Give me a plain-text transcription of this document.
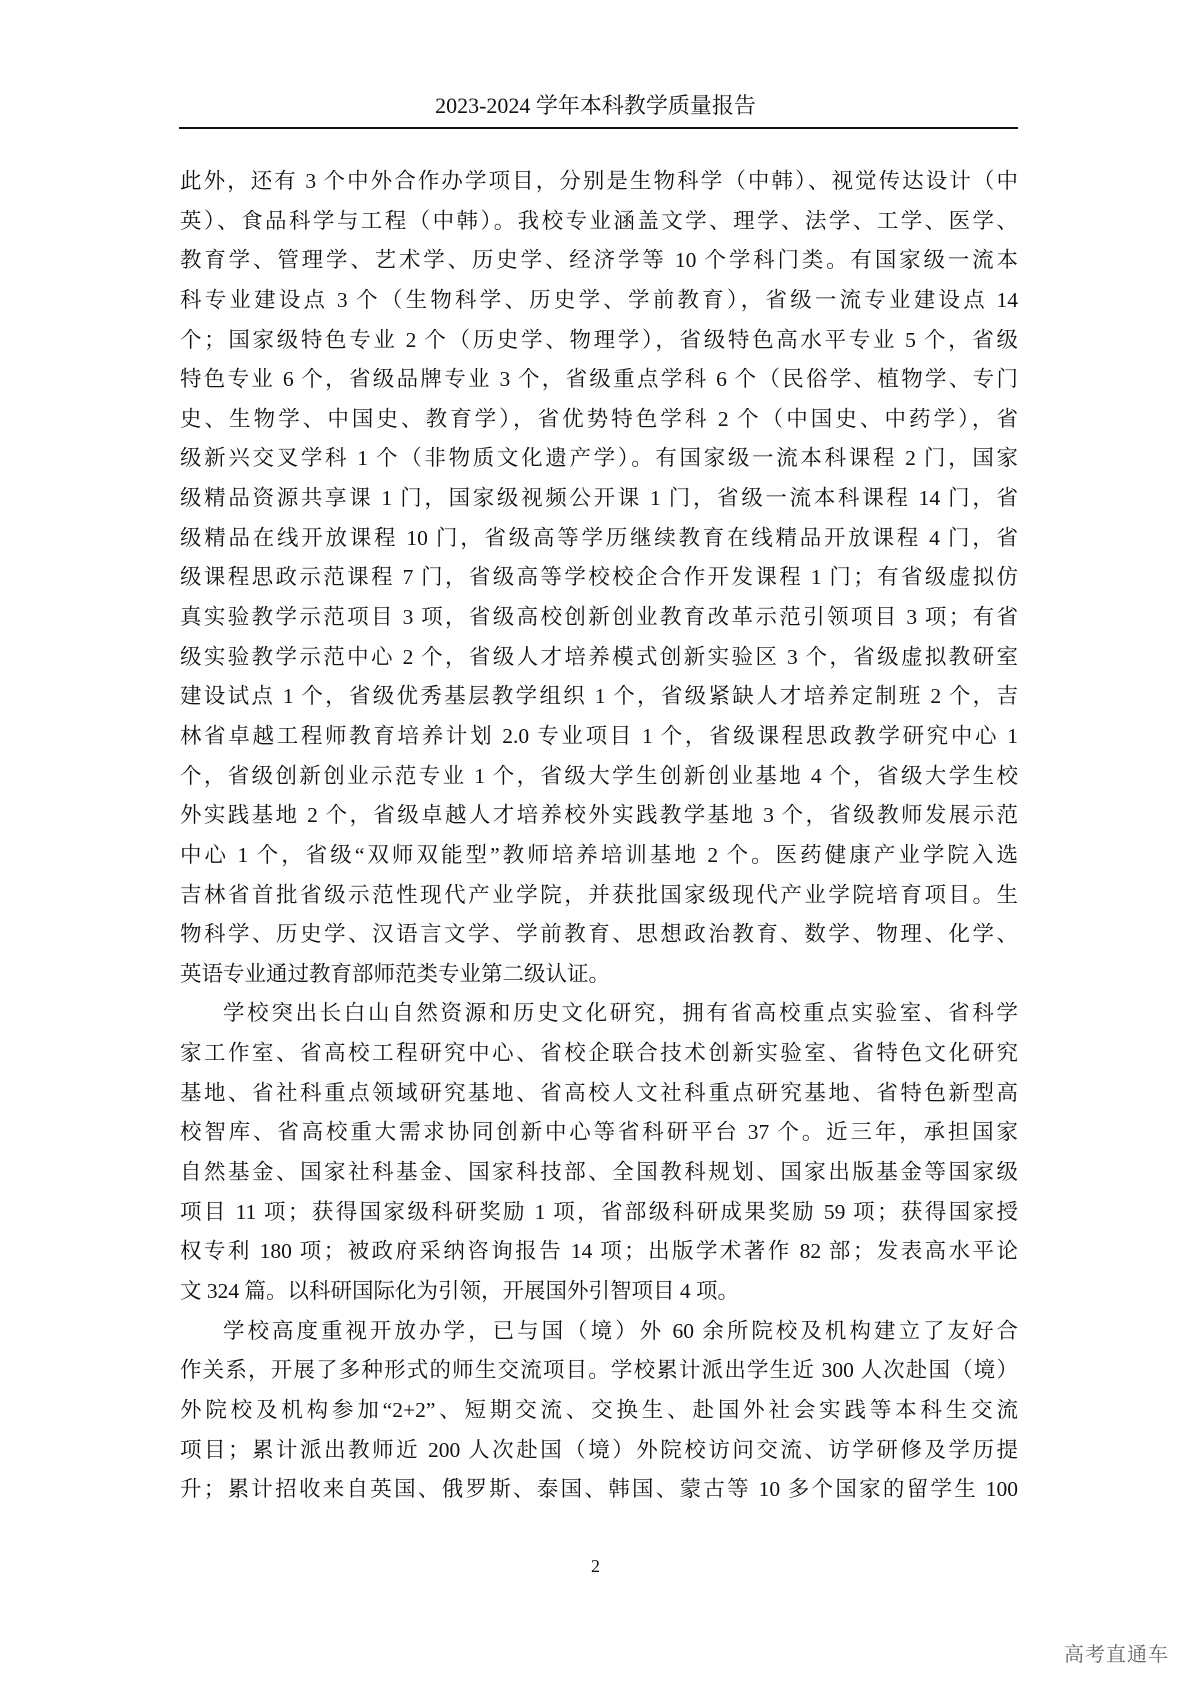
2023-2024 学年本科教学质量报告
此外，还有 3 个中外合作办学项目，分别是生物科学（中韩）、视觉传达设计（中
英）、食品科学与工程（中韩）。我校专业涵盖文学、理学、法学、工学、医学、
教育学、管理学、艺术学、历史学、经济学等 10 个学科门类。有国家级一流本
科专业建设点 3 个（生物科学、历史学、学前教育），省级一流专业建设点 14
个；国家级特色专业 2 个（历史学、物理学），省级特色高水平专业 5 个，省级
特色专业 6 个，省级品牌专业 3 个，省级重点学科 6 个（民俗学、植物学、专门
史、生物学、中国史、教育学），省优势特色学科 2 个（中国史、中药学），省
级新兴交叉学科 1 个（非物质文化遗产学）。有国家级一流本科课程 2 门，国家
级精品资源共享课 1 门，国家级视频公开课 1 门，省级一流本科课程 14 门，省
级精品在线开放课程 10 门，省级高等学历继续教育在线精品开放课程 4 门，省
级课程思政示范课程 7 门，省级高等学校校企合作开发课程 1 门；有省级虚拟仿
真实验教学示范项目 3 项，省级高校创新创业教育改革示范引领项目 3 项；有省
级实验教学示范中心 2 个，省级人才培养模式创新实验区 3 个，省级虚拟教研室
建设试点 1 个，省级优秀基层教学组织 1 个，省级紧缺人才培养定制班 2 个，吉
林省卓越工程师教育培养计划 2.0 专业项目 1 个，省级课程思政教学研究中心 1
个，省级创新创业示范专业 1 个，省级大学生创新创业基地 4 个，省级大学生校
外实践基地 2 个，省级卓越人才培养校外实践教学基地 3 个，省级教师发展示范
中心 1 个，省级“双师双能型”教师培养培训基地 2 个。医药健康产业学院入选
吉林省首批省级示范性现代产业学院，并获批国家级现代产业学院培育项目。生
物科学、历史学、汉语言文学、学前教育、思想政治教育、数学、物理、化学、
英语专业通过教育部师范类专业第二级认证。
学校突出长白山自然资源和历史文化研究，拥有省高校重点实验室、省科学
家工作室、省高校工程研究中心、省校企联合技术创新实验室、省特色文化研究
基地、省社科重点领域研究基地、省高校人文社科重点研究基地、省特色新型高
校智库、省高校重大需求协同创新中心等省科研平台 37 个。近三年，承担国家
自然基金、国家社科基金、国家科技部、全国教科规划、国家出版基金等国家级
项目 11 项；获得国家级科研奖励 1 项，省部级科研成果奖励 59 项；获得国家授
权专利 180 项；被政府采纳咨询报告 14 项；出版学术著作 82 部；发表高水平论
文 324 篇。以科研国际化为引领，开展国外引智项目 4 项。
学校高度重视开放办学，已与国（境）外 60 余所院校及机构建立了友好合
作关系，开展了多种形式的师生交流项目。学校累计派出学生近 300 人次赴国（境）
外院校及机构参加“2+2”、短期交流、交换生、赴国外社会实践等本科生交流
项目；累计派出教师近 200 人次赴国（境）外院校访问交流、访学研修及学历提
升；累计招收来自英国、俄罗斯、泰国、韩国、蒙古等 10 多个国家的留学生 100
2
高考直通车
